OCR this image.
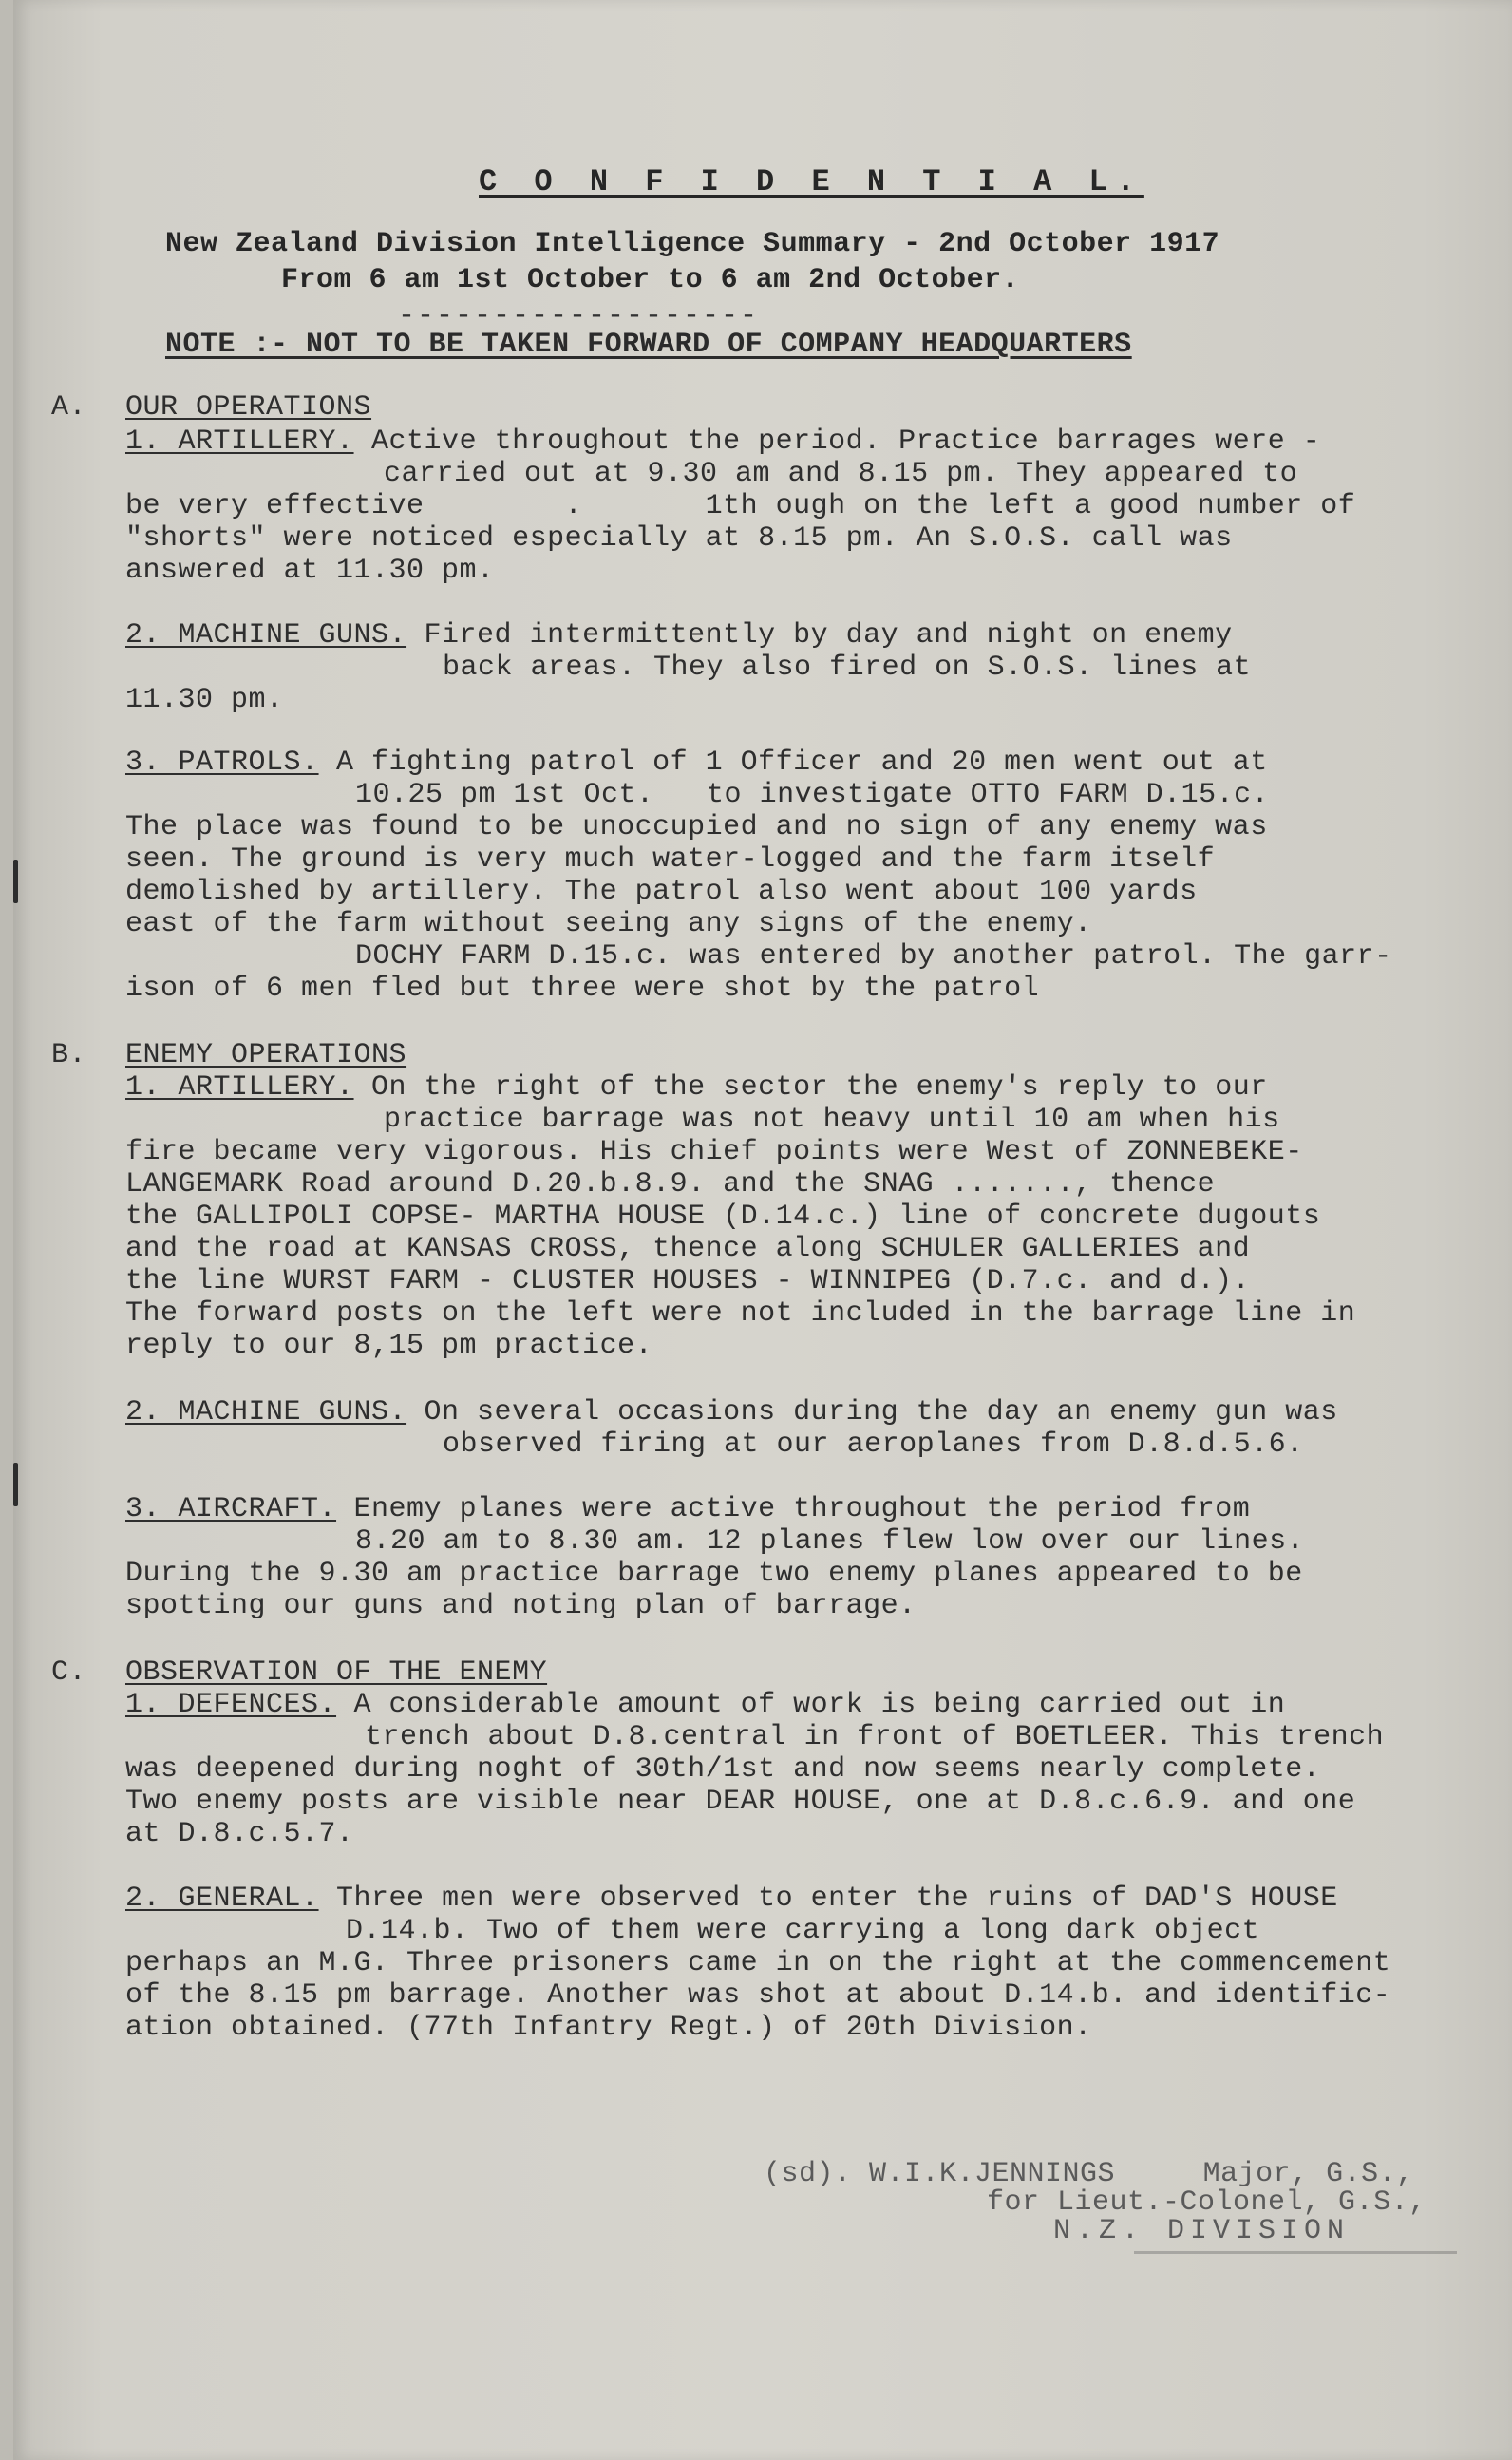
C O N F I D E N T I A L.
New Zealand Division Intelligence Summary - 2nd October 1917
From 6 am 1st October to 6 am 2nd October.
-------------------
NOTE :- NOT TO BE TAKEN FORWARD OF COMPANY HEADQUARTERS
A. OUR OPERATIONS
1. ARTILLERY. Active throughout the period. Practice barrages were -
carried out at 9.30 am and 8.15 pm. They appeared to
be very effective        .       1th ough on the left a good number of
"shorts" were noticed especially at 8.15 pm. An S.O.S. call was
answered at 11.30 pm.
2. MACHINE GUNS. Fired intermittently by day and night on enemy
back areas. They also fired on S.O.S. lines at
11.30 pm.
3. PATROLS. A fighting patrol of 1 Officer and 20 men went out at
10.25 pm 1st Oct.   to investigate OTTO FARM D.15.c.
The place was found to be unoccupied and no sign of any enemy was
seen. The ground is very much water-logged and the farm itself
demolished by artillery. The patrol also went about 100 yards
east of the farm without seeing any signs of the enemy.
DOCHY FARM D.15.c. was entered by another patrol. The garr-
ison of 6 men fled but three were shot by the patrol
B. ENEMY OPERATIONS
1. ARTILLERY. On the right of the sector the enemy's reply to our
practice barrage was not heavy until 10 am when his
fire became very vigorous. His chief points were West of ZONNEBEKE-
LANGEMARK Road around D.20.b.8.9. and the SNAG ......., thence
the GALLIPOLI COPSE- MARTHA HOUSE (D.14.c.) line of concrete dugouts
and the road at KANSAS CROSS, thence along SCHULER GALLERIES and
the line WURST FARM - CLUSTER HOUSES - WINNIPEG (D.7.c. and d.).
The forward posts on the left were not included in the barrage line in
reply to our 8,15 pm practice.
2. MACHINE GUNS. On several occasions during the day an enemy gun was
observed firing at our aeroplanes from D.8.d.5.6.
3. AIRCRAFT. Enemy planes were active throughout the period from
8.20 am to 8.30 am. 12 planes flew low over our lines.
During the 9.30 am practice barrage two enemy planes appeared to be
spotting our guns and noting plan of barrage.
C. OBSERVATION OF THE ENEMY
1. DEFENCES. A considerable amount of work is being carried out in
trench about D.8.central in front of BOETLEER. This trench
was deepened during noght of 30th/1st and now seems nearly complete.
Two enemy posts are visible near DEAR HOUSE, one at D.8.c.6.9. and one
at D.8.c.5.7.
2. GENERAL. Three men were observed to enter the ruins of DAD'S HOUSE
D.14.b. Two of them were carrying a long dark object
perhaps an M.G. Three prisoners came in on the right at the commencement
of the 8.15 pm barrage. Another was shot at about D.14.b. and identific-
ation obtained. (77th Infantry Regt.) of 20th Division.
(sd). W.I.K.JENNINGS     Major, G.S.,
for Lieut.-Colonel, G.S.,
N.Z. DIVISION
